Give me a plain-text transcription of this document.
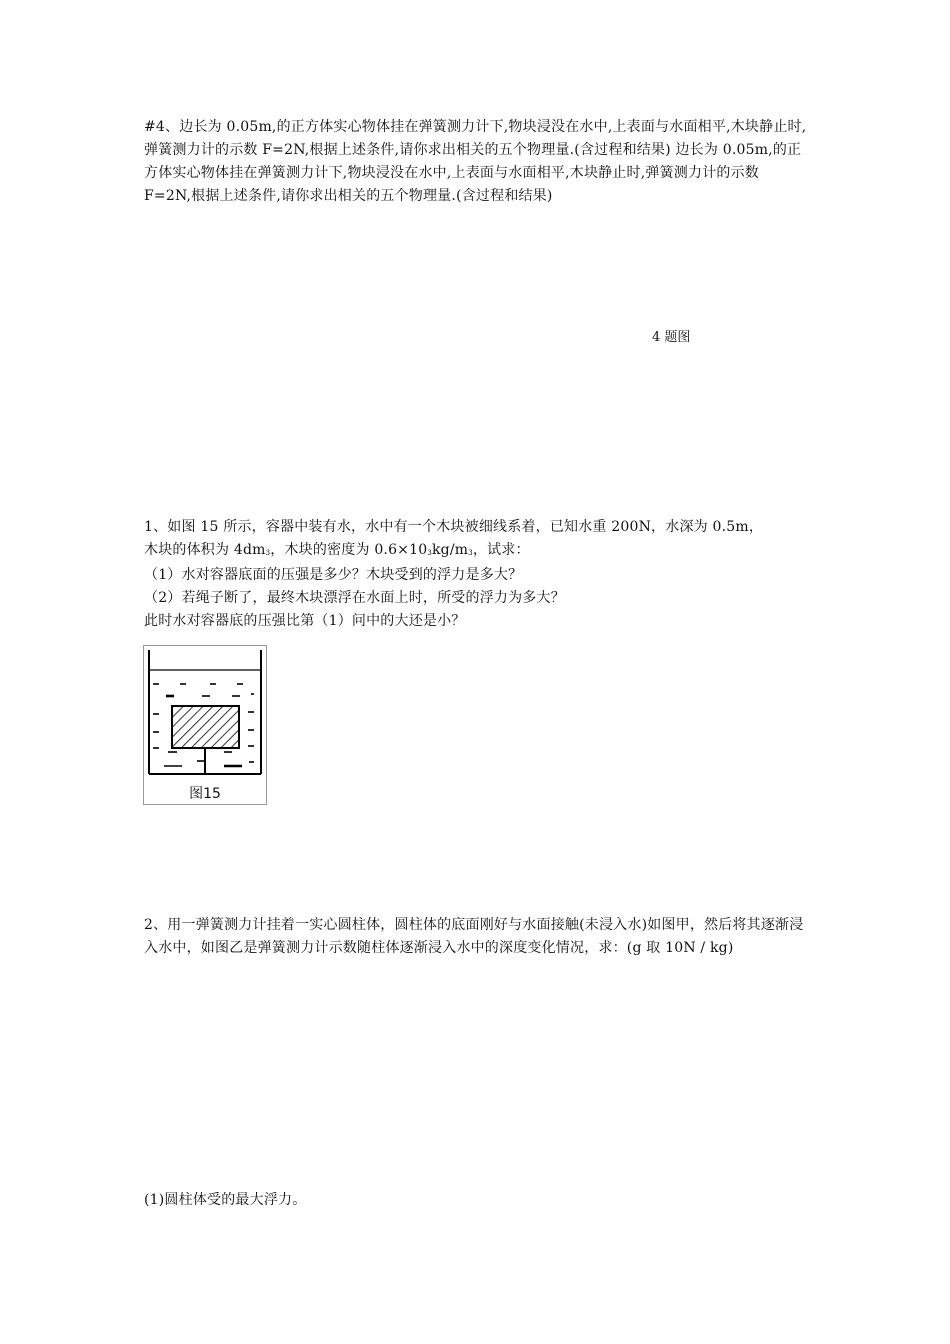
#4、边长为 0.05m,的正方体实心物体挂在弹簧测力计下,物块浸没在水中,上表面与水面相平,木块静止时,弹簧测力计的示数 F=2N,根据上述条件,请你求出相关的五个物理量.(含过程和结果) 边长为 0.05m,的正方体实心物体挂在弹簧测力计下,物块浸没在水中,上表面与水面相平,木块静止时,弹簧测力计的示数 F=2N,根据上述条件,请你求出相关的五个物理量.(含过程和结果)

4 题图

1、如图 15 所示，容器中装有水，水中有一个木块被细线系着，已知水重 200N，水深为 0.5m，

木块的体积为 $4dm^3$，木块的密度为 $0.6\times 10^3kg/m^3$，试求：

（1）水对容器底面的压强是多少？木块受到的浮力是多大？

（2）若绳子断了，最终木块漂浮在水面上时，所受的浮力为多大？

此时水对容器底的压强比第（1）问中的大还是小？

图15

2、用一弹簧测力计挂着一实心圆柱体，圆柱体的底面刚好与水面接触(未浸入水)如图甲，然后将其逐渐浸入水中，如图乙是弹簧测力计示数随柱体逐渐浸入水中的深度变化情况，求：(g 取 10N / kg)

(1)圆柱体受的最大浮力。
